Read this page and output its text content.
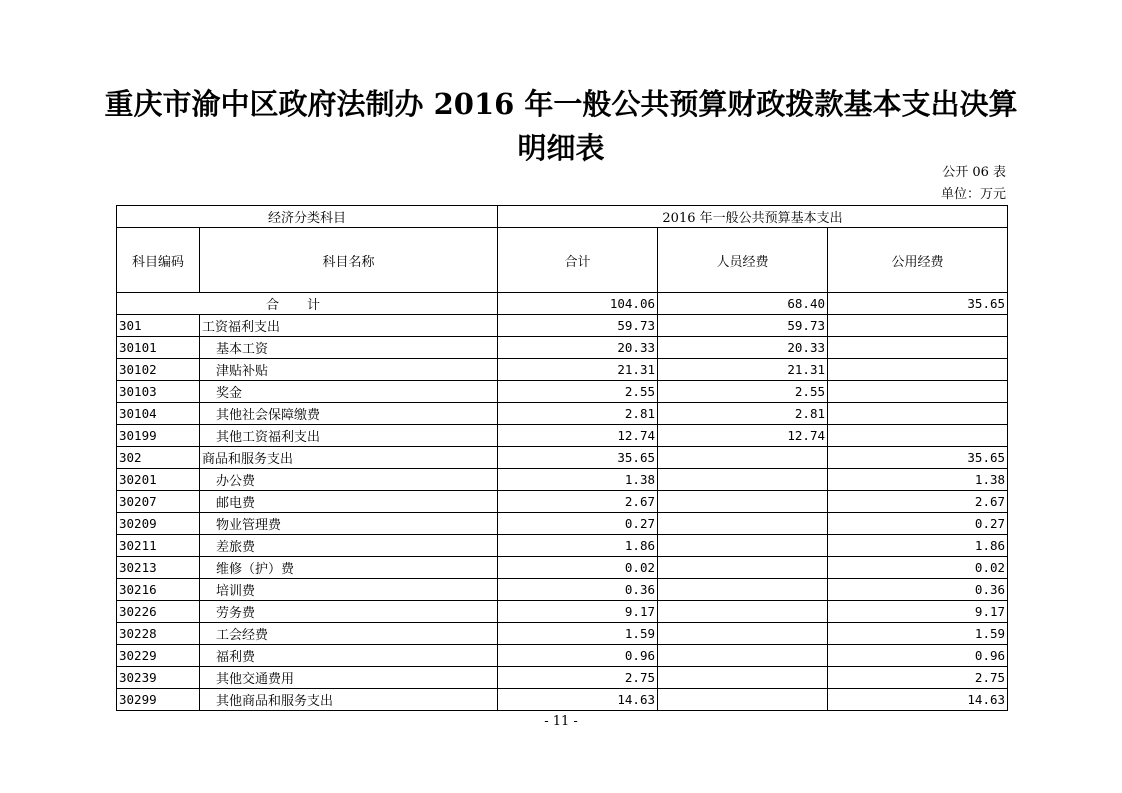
重庆市渝中区政府法制办 2016 年一般公共预算财政拨款基本支出决算
明细表
公开 06 表
单位：万元
经济分类科目		2016 年一般公共预算基本支出		
科目编码	科目名称	合计	人员经费	公用经费
合计		104.06	68.40	35.65
301	工资福利支出	59.73	59.73	
30101	基本工资	20.33	20.33	
30102	津贴补贴	21.31	21.31	
30103	奖金	2.55	2.55	
30104	其他社会保障缴费	2.81	2.81	
30199	其他工资福利支出	12.74	12.74	
302	商品和服务支出	35.65		35.65
30201	办公费	1.38		1.38
30207	邮电费	2.67		2.67
30209	物业管理费	0.27		0.27
30211	差旅费	1.86		1.86
30213	维修（护）费	0.02		0.02
30216	培训费	0.36		0.36
30226	劳务费	9.17		9.17
30228	工会经费	1.59		1.59
30229	福利费	0.96		0.96
30239	其他交通费用	2.75		2.75
30299	其他商品和服务支出	14.63		14.63
- 11 -
